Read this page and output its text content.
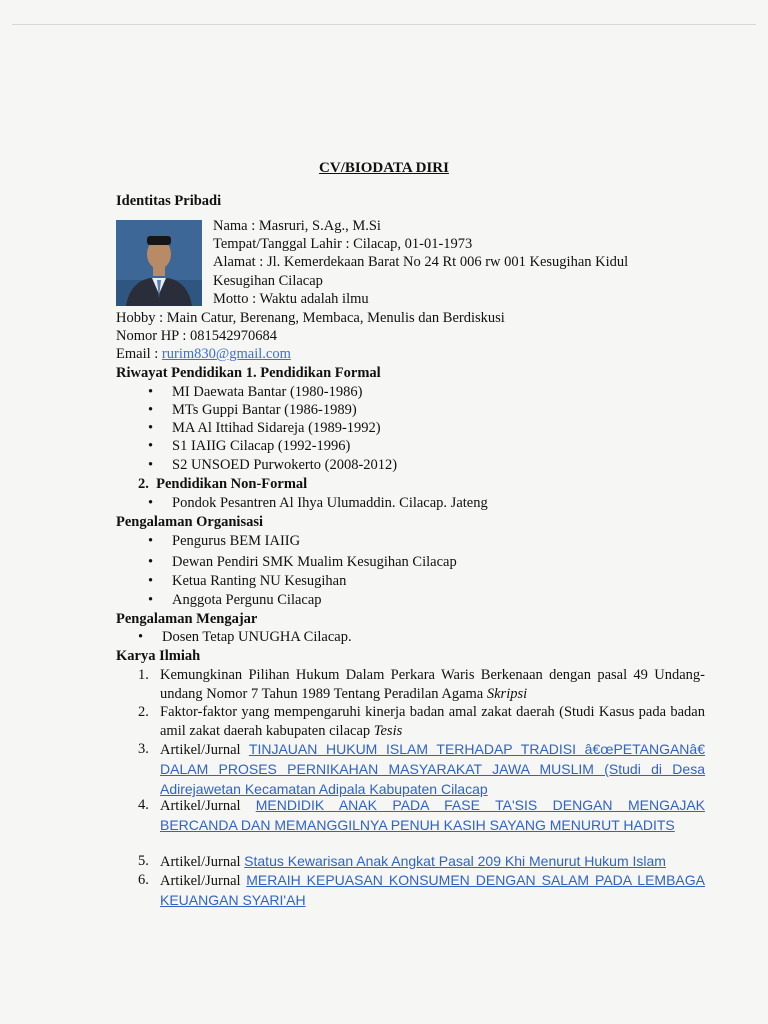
CV/BIODATA DIRI
Identitas Pribadi
Nama : Masruri, S.Ag., M.Si
Tempat/Tanggal Lahir : Cilacap, 01-01-1973
Alamat : Jl. Kemerdekaan Barat No 24 Rt 006 rw 001 Kesugihan Kidul
Kesugihan Cilacap
Motto : Waktu adalah ilmu
Hobby : Main Catur, Berenang, Membaca, Menulis dan Berdiskusi
Nomor HP : 081542970684
Email : rurim830@gmail.com
Riwayat Pendidikan 1. Pendidikan Formal
• MI Daewata Bantar (1980-1986)
• MTs Guppi Bantar (1986-1989)
• MA Al Ittihad Sidareja (1989-1992)
• S1 IAIIG Cilacap (1992-1996)
• S2 UNSOED Purwokerto (2008-2012)
2. Pendidikan Non-Formal
• Pondok Pesantren Al Ihya Ulumaddin. Cilacap. Jateng
Pengalaman Organisasi
• Pengurus BEM IAIIG
• Dewan Pendiri SMK Mualim Kesugihan Cilacap
• Ketua Ranting NU Kesugihan
• Anggota Pergunu Cilacap
Pengalaman Mengajar
• Dosen Tetap UNUGHA Cilacap.
Karya Ilmiah
1. Kemungkinan Pilihan Hukum Dalam Perkara Waris Berkenaan dengan pasal 49 Undang-undang Nomor 7 Tahun 1989 Tentang Peradilan Agama Skripsi
2. Faktor-faktor yang mempengaruhi kinerja badan amal zakat daerah (Studi Kasus pada badan amil zakat daerah kabupaten cilacap Tesis
3. Artikel/Jurnal TINJAUAN HUKUM ISLAM TERHADAP TRADISI â€œPETANGANâ€ DALAM PROSES PERNIKAHAN MASYARAKAT JAWA MUSLIM (Studi di Desa Adirejawetan Kecamatan Adipala Kabupaten Cilacap
4. Artikel/Jurnal MENDIDIK ANAK PADA FASE TA'SIS DENGAN MENGAJAK BERCANDA DAN MEMANGGILNYA PENUH KASIH SAYANG MENURUT HADITS
5. Artikel/Jurnal Status Kewarisan Anak Angkat Pasal 209 Khi Menurut Hukum Islam
6. Artikel/Jurnal MERAIH KEPUASAN KONSUMEN DENGAN SALAM PADA LEMBAGA KEUANGAN SYARI'AH
